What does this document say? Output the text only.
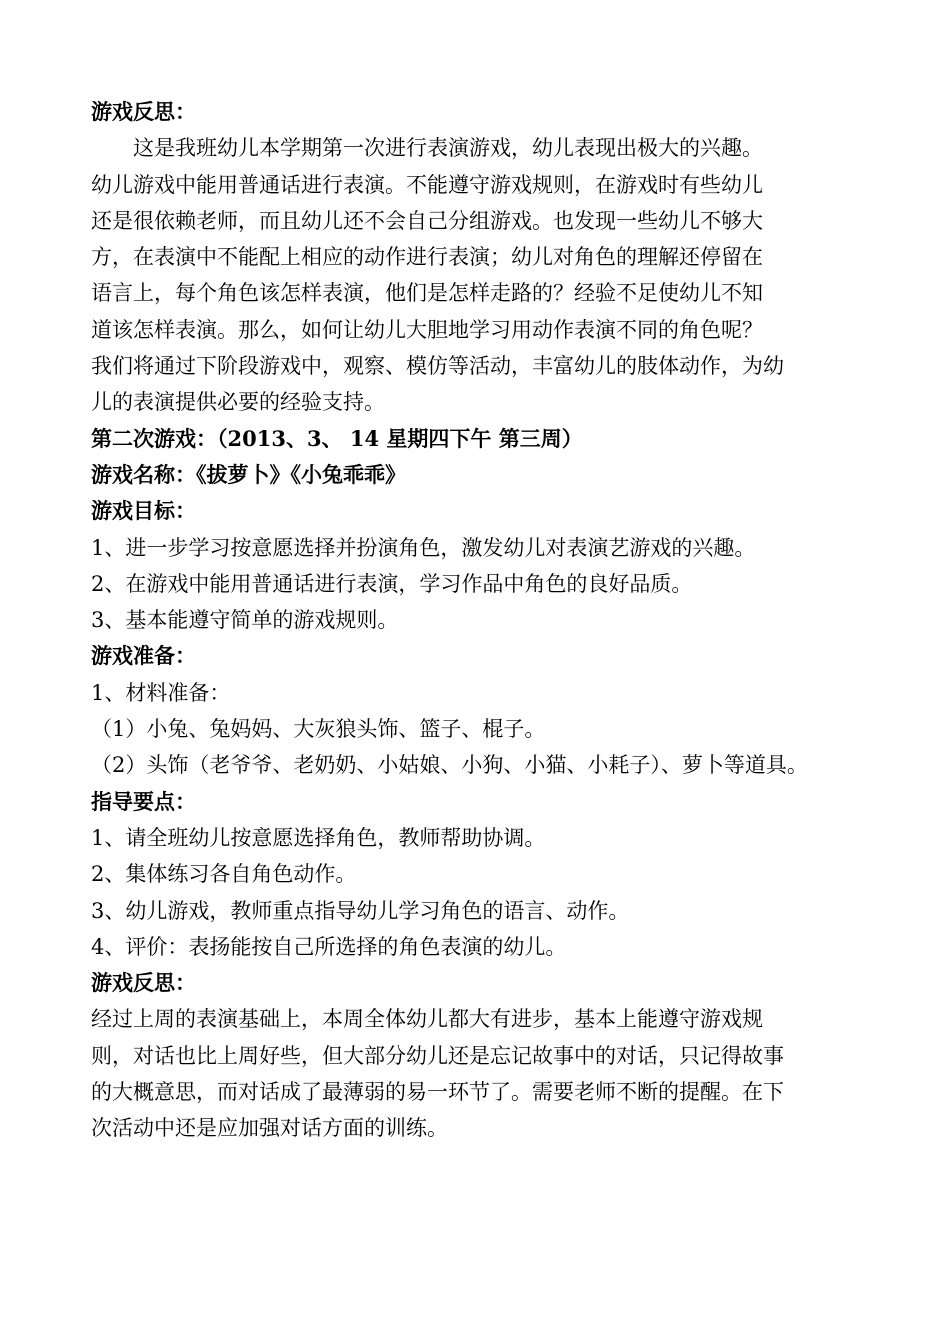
游戏反思：
这是我班幼儿本学期第一次进行表演游戏，幼儿表现出极大的兴趣。
幼儿游戏中能用普通话进行表演。不能遵守游戏规则，在游戏时有些幼儿
还是很依赖老师，而且幼儿还不会自己分组游戏。也发现一些幼儿不够大
方，在表演中不能配上相应的动作进行表演；幼儿对角色的理解还停留在
语言上，每个角色该怎样表演，他们是怎样走路的？经验不足使幼儿不知
道该怎样表演。那么，如何让幼儿大胆地学习用动作表演不同的角色呢？
我们将通过下阶段游戏中，观察、模仿等活动，丰富幼儿的肢体动作，为幼
儿的表演提供必要的经验支持。
第二次游戏：（2013、3、 14 星期四下午 第三周）
游戏名称：《拔萝卜》《小兔乖乖》
游戏目标：
1、进一步学习按意愿选择并扮演角色，激发幼儿对表演艺游戏的兴趣。
2、在游戏中能用普通话进行表演，学习作品中角色的良好品质。
3、基本能遵守简单的游戏规则。
游戏准备：
1、材料准备：
（1）小兔、兔妈妈、大灰狼头饰、篮子、棍子。
（2）头饰（老爷爷、老奶奶、小姑娘、小狗、小猫、小耗子）、萝卜等道具。
指导要点：
1、请全班幼儿按意愿选择角色，教师帮助协调。
2、集体练习各自角色动作。
3、幼儿游戏，教师重点指导幼儿学习角色的语言、动作。
4、评价：表扬能按自己所选择的角色表演的幼儿。
游戏反思：
经过上周的表演基础上，本周全体幼儿都大有进步，基本上能遵守游戏规
则，对话也比上周好些，但大部分幼儿还是忘记故事中的对话，只记得故事
的大概意思，而对话成了最薄弱的易一环节了。需要老师不断的提醒。在下
次活动中还是应加强对话方面的训练。
